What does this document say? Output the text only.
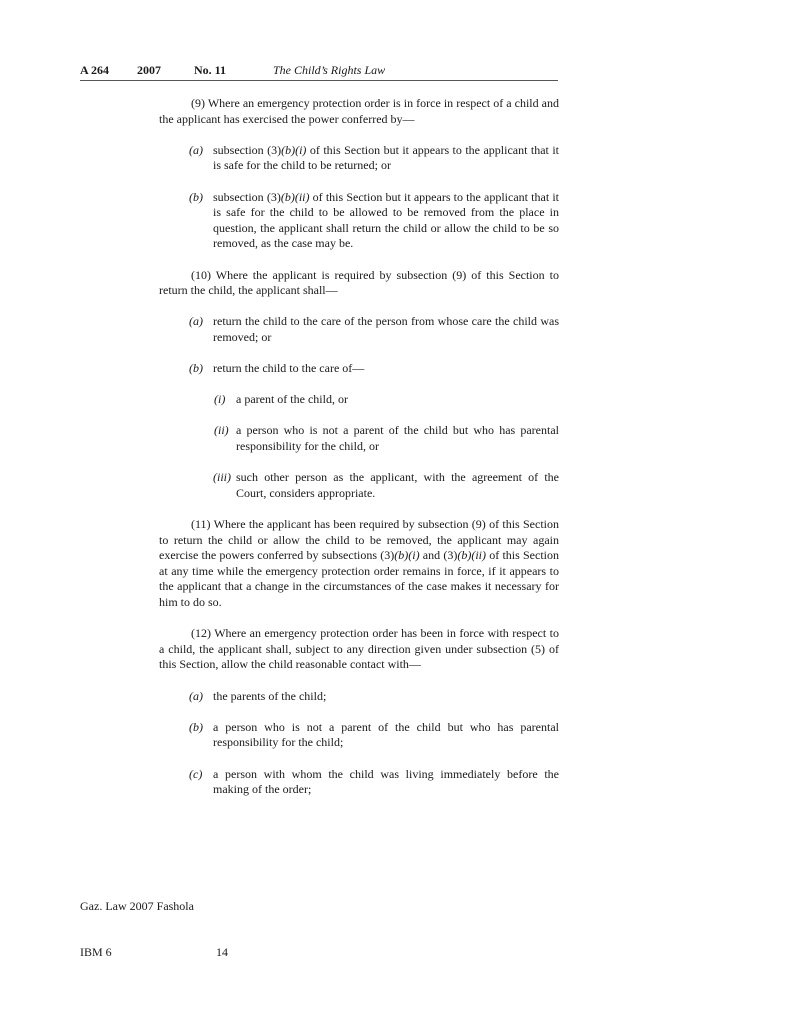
A 264 2007	No. 11	The Child’s Rights Law

(9) Where an emergency protection order is in force in respect of a child and the applicant has exercised the power conferred by—

(a) subsection (3)(b)(i) of this Section but it appears to the applicant that it is safe for the child to be returned; or
(b) subsection (3)(b)(ii) of this Section but it appears to the applicant that it is safe for the child to be allowed to be removed from the place in question, the applicant shall return the child or allow the child to be so removed, as the case may be.

(10) Where the applicant is required by subsection (9) of this Section to return the child, the applicant shall—

(a) return the child to the care of the person from whose care the child was removed; or
(b) return the child to the care of—
(i) a parent of the child, or
(ii) a person who is not a parent of the child but who has parental responsibility for the child, or
(iii) such other person as the applicant, with the agreement of the Court, considers appropriate.

(11) Where the applicant has been required by subsection (9) of this Section to return the child or allow the child to be removed, the applicant may again exercise the powers conferred by subsections (3)(b)(i) and (3)(b)(ii) of this Section at any time while the emergency protection order remains in force, if it appears to the applicant that a change in the circumstances of the case makes it necessary for him to do so.

(12) Where an emergency protection order has been in force with respect to a child, the applicant shall, subject to any direction given under subsection (5) of this Section, allow the child reasonable contact with—

(a) the parents of the child;
(b) a person who is not a parent of the child but who has parental responsibility for the child;
(c) a person with whom the child was living immediately before the making of the order;
Gaz. Law 2007 Fashola
IBM 6	14
